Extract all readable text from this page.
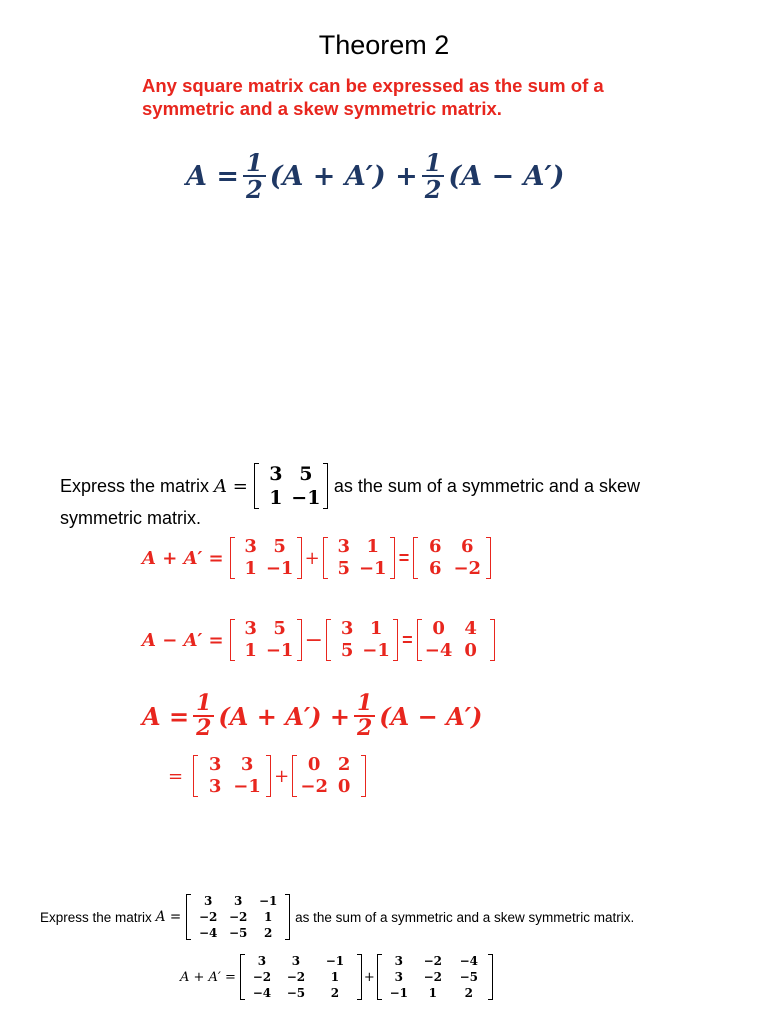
Theorem 2
Any square matrix can be expressed as the sum of a
symmetric and a skew symmetric matrix.
$A = \frac{1}{2} (A + A') + \frac{1}{2} (A - A')$
Express the matrix A =
3 5
1 −1
as the sum of a symmetric and a skew
symmetric matrix.
A + A′ =
3 5
1 −1 +
3 1
5 −1
=
6	6
6 −2
A − A′ =
3 5
1 −1 − 3 1
5 −1
=
0	4
−4 0
$A = \frac{1}{2} (A + A') + \frac{1}{2} (A - A')$
=
3	3
3 −1 +
0 2
−2 0
Express the matrix A =
3	3	−1
−2 −2	1
−4 −5	2
as the sum of a symmetric and a skew symmetric matrix.
A + A′ =
3	3	−1
−2	−2	1
−4	−5	2
+
3	−2	−4
3	−2	−5
−1	1	2
